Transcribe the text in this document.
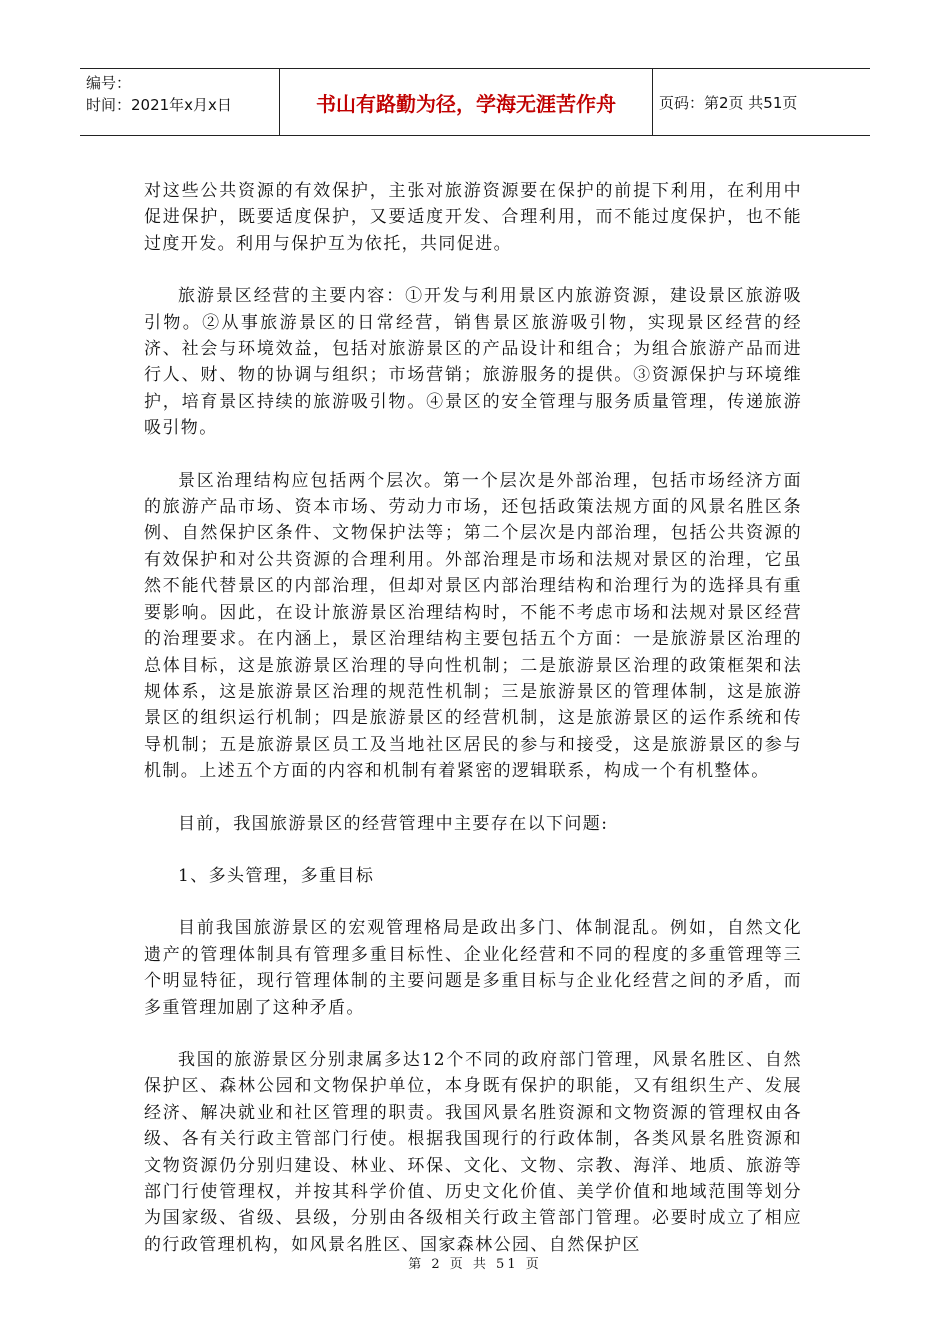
编号：
时间：2021年x月x日	书山有路勤为径，学海无涯苦作舟	页码：第2页 共51页

对这些公共资源的有效保护，主张对旅游资源要在保护的前提下利用，在利用中促进保护，既要适度保护，又要适度开发、合理利用，而不能过度保护，也不能过度开发。利用与保护互为依托，共同促进。

旅游景区经营的主要内容：①开发与利用景区内旅游资源，建设景区旅游吸引物。②从事旅游景区的日常经营，销售景区旅游吸引物，实现景区经营的经济、社会与环境效益，包括对旅游景区的产品设计和组合；为组合旅游产品而进行人、财、物的协调与组织；市场营销；旅游服务的提供。③资源保护与环境维护，培育景区持续的旅游吸引物。④景区的安全管理与服务质量管理，传递旅游吸引物。

景区治理结构应包括两个层次。第一个层次是外部治理，包括市场经济方面的旅游产品市场、资本市场、劳动力市场，还包括政策法规方面的风景名胜区条例、自然保护区条件、文物保护法等；第二个层次是内部治理，包括公共资源的有效保护和对公共资源的合理利用。外部治理是市场和法规对景区的治理，它虽然不能代替景区的内部治理，但却对景区内部治理结构和治理行为的选择具有重要影响。因此，在设计旅游景区治理结构时，不能不考虑市场和法规对景区经营的治理要求。在内涵上，景区治理结构主要包括五个方面：一是旅游景区治理的总体目标，这是旅游景区治理的导向性机制；二是旅游景区治理的政策框架和法规体系，这是旅游景区治理的规范性机制；三是旅游景区的管理体制，这是旅游景区的组织运行机制；四是旅游景区的经营机制，这是旅游景区的运作系统和传导机制；五是旅游景区员工及当地社区居民的参与和接受，这是旅游景区的参与机制。上述五个方面的内容和机制有着紧密的逻辑联系，构成一个有机整体。

目前，我国旅游景区的经营管理中主要存在以下问题:

1、多头管理，多重目标

目前我国旅游景区的宏观管理格局是政出多门、体制混乱。例如，自然文化遗产的管理体制具有管理多重目标性、企业化经营和不同的程度的多重管理等三个明显特征，现行管理体制的主要问题是多重目标与企业化经营之间的矛盾，而多重管理加剧了这种矛盾。

我国的旅游景区分别隶属多达12个不同的政府部门管理，风景名胜区、自然保护区、森林公园和文物保护单位，本身既有保护的职能，又有组织生产、发展经济、解决就业和社区管理的职责。我国风景名胜资源和文物资源的管理权由各级、各有关行政主管部门行使。根据我国现行的行政体制，各类风景名胜资源和文物资源仍分别归建设、林业、环保、文化、文物、宗教、海洋、地质、旅游等部门行使管理权，并按其科学价值、历史文化价值、美学价值和地域范围等划分为国家级、省级、县级，分别由各级相关行政主管部门管理。必要时成立了相应的行政管理机构，如风景名胜区、国家森林公园、自然保护区

第 2 页 共 51 页
